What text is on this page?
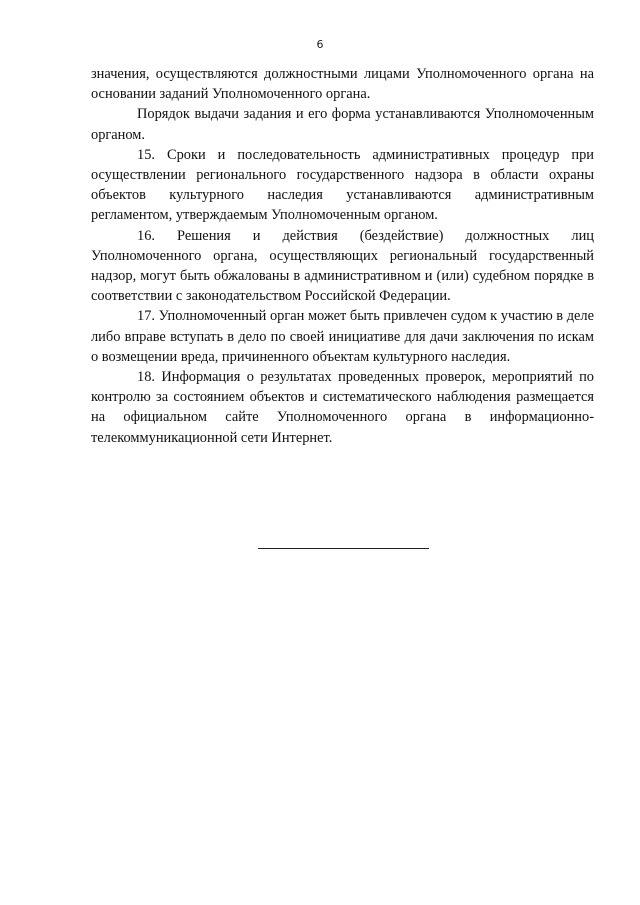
6

значения, осуществляются должностными лицами Уполномоченного органа на основании заданий Уполномоченного органа.

Порядок выдачи задания и его форма устанавливаются Уполномоченным органом.

15. Сроки и последовательность административных процедур при осуществлении регионального государственного надзора в области охраны объектов культурного наследия устанавливаются административным регламентом, утверждаемым Уполномоченным органом.

16. Решения и действия (бездействие) должностных лиц Уполномоченного органа, осуществляющих региональный государственный надзор, могут быть обжалованы в административном и (или) судебном порядке в соответствии с законодательством Российской Федерации.

17. Уполномоченный орган может быть привлечен судом к участию в деле либо вправе вступать в дело по своей инициативе для дачи заключения по искам о возмещении вреда, причиненного объектам культурного наследия.

18. Информация о результатах проведенных проверок, мероприятий по контролю за состоянием объектов и систематического наблюдения размещается на официальном сайте Уполномоченного органа в информационно-телекоммуникационной сети Интернет.
